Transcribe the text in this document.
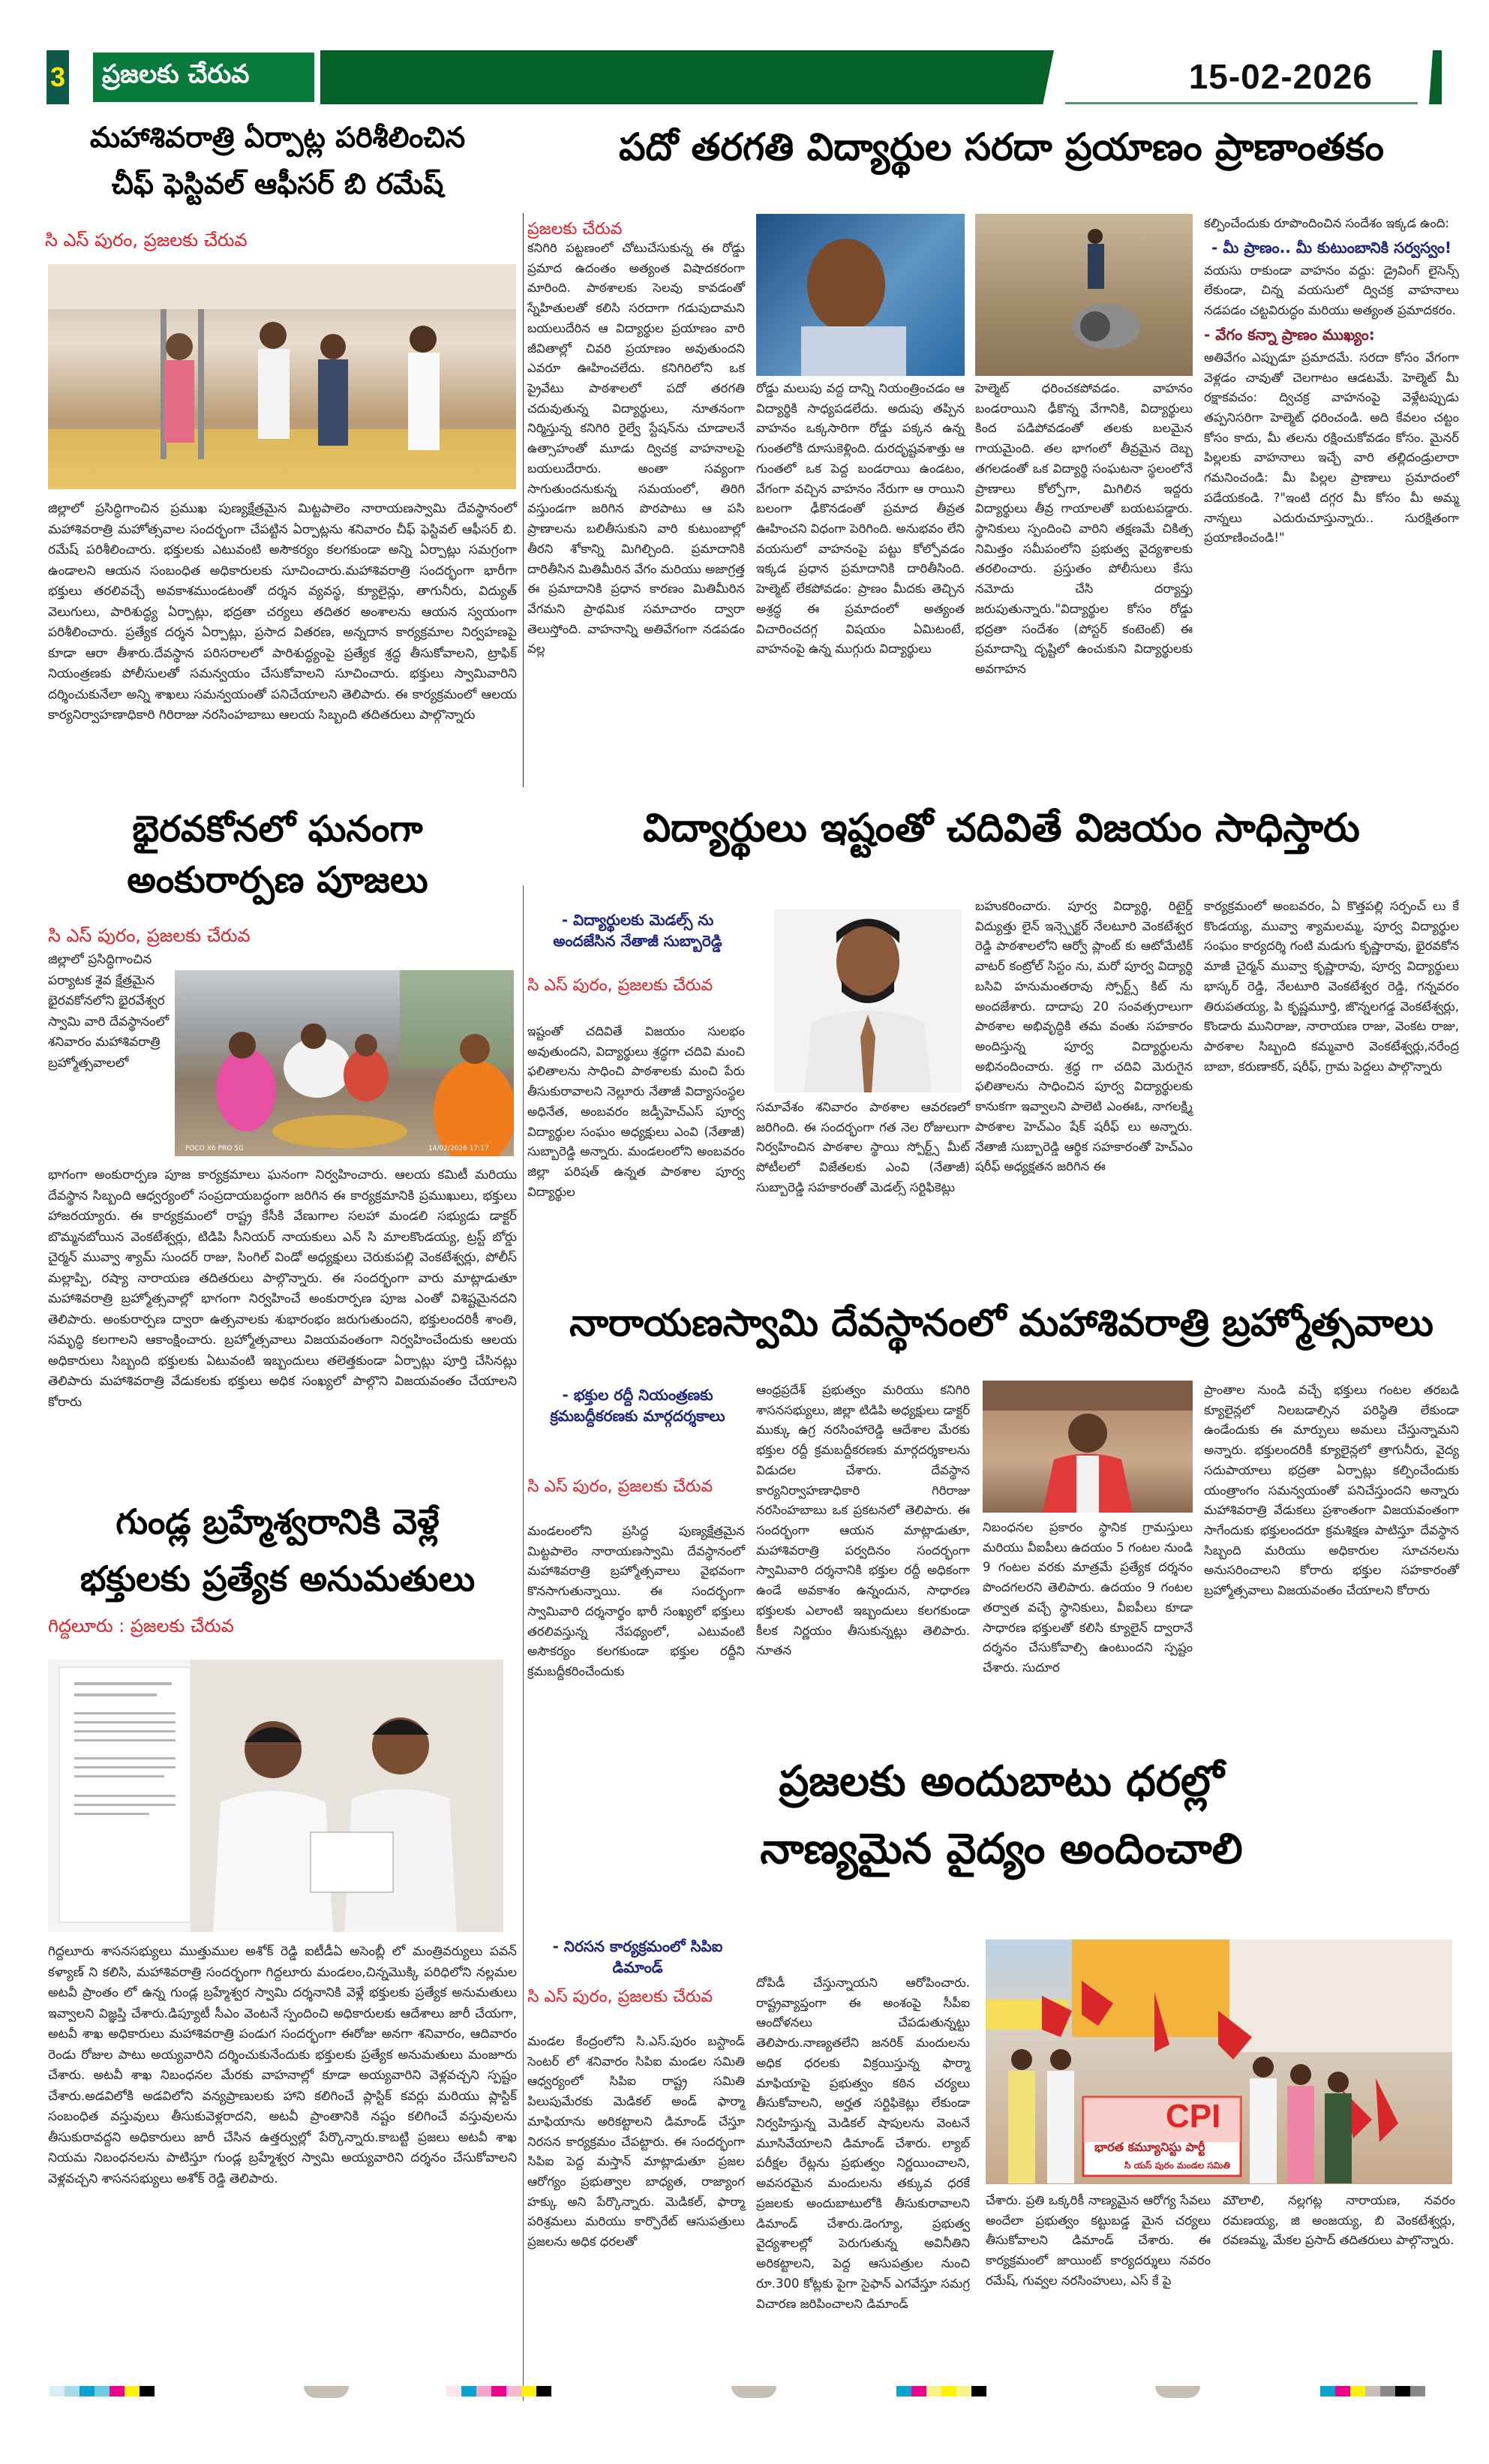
3	ప్రజలకు చేరువ	15-02-2026
మహాశివరాత్రి ఏర్పాట్ల పరిశీలించిన
చీఫ్ ఫెస్టివల్ ఆఫీసర్ బి రమేష్
సి ఎస్ పురం, ప్రజలకు చేరువ
జిల్లాలో ప్రసిద్ధిగాంచిన ప్రముఖ పుణ్యక్షేత్రమైన మిట్టపాలెం నారాయణస్వామి దేవస్థానంలో మహాశివరాత్రి మహోత్సవాల సందర్భంగా చేపట్టిన ఏర్పాట్లను శనివారం చీఫ్ ఫెస్టివల్ ఆఫీసర్ బి. రమేష్ పరిశీలించారు. భక్తులకు ఎటువంటి అసౌకర్యం కలగకుండా అన్ని ఏర్పాట్లు సమగ్రంగా ఉండాలని ఆయన సంబంధిత అధికారులకు సూచించారు.మహాశివరాత్రి సందర్భంగా భారీగా భక్తులు తరలివచ్చే అవకాశముండటంతో దర్శన వ్యవస్థ, క్యూలైన్లు, తాగునీరు, విద్యుత్ వెలుగులు, పారిశుద్ధ్య ఏర్పాట్లు, భద్రతా చర్యలు తదితర అంశాలను ఆయన స్వయంగా పరిశీలించారు. ప్రత్యేక దర్శన ఏర్పాట్లు, ప్రసాద వితరణ, అన్నదాన కార్యక్రమాల నిర్వహణపై కూడా ఆరా తీశారు.దేవస్థాన పరిసరాలలో పారిశుద్ధ్యంపై ప్రత్యేక శ్రద్ధ తీసుకోవాలని, ట్రాఫిక్ నియంత్రణకు పోలీసులతో సమన్వయం చేసుకోవాలని సూచించారు. భక్తులు స్వామివారిని దర్శించుకునేలా అన్ని శాఖలు సమన్వయంతో పనిచేయాలని తెలిపారు. ఈ కార్యక్రమంలో ఆలయ కార్యనిర్వాహణాధికారి గిరిరాజు నరసింహబాబు ఆలయ సిబ్బంది తదితరులు పాల్గొన్నారు
పదో తరగతి విద్యార్థుల సరదా ప్రయాణం ప్రాణాంతకం
ప్రజలకు చేరువ
కనిగిరి పట్టణంలో చోటుచేసుకున్న ఈ రోడ్డు ప్రమాద ఉదంతం అత్యంత విషాదకరంగా మారింది. పాఠశాలకు సెలవు కావడంతో స్నేహితులతో కలిసి సరదాగా గడుపుదామని బయలుదేరిన ఆ విద్యార్థుల ప్రయాణం వారి జీవితాల్లో చివరి ప్రయాణం అవుతుందని ఎవరూ ఊహించలేదు. కనిగిరిలోని ఒక ప్రైవేటు పాఠశాలలో పదో తరగతి చదువుతున్న విద్యార్థులు, నూతనంగా నిర్మిస్తున్న కనిగిరి రైల్వే స్టేషన్‌ను చూడాలనే ఉత్సాహంతో మూడు ద్విచక్ర వాహనాలపై బయలుదేరారు. అంతా సవ్యంగా సాగుతుందనుకున్న సమయంలో, తిరిగి వస్తుండగా జరిగిన పొరపాటు ఆ పసి ప్రాణాలను బలితీసుకుని వారి కుటుంబాల్లో తీరని శోకాన్ని మిగిల్చింది. ప్రమాదానికి దారితీసిన మితిమీరిన వేగం మరియు అజాగ్రత్త ఈ ప్రమాదానికి ప్రధాన కారణం మితిమీరిన వేగమని ప్రాథమిక సమాచారం ద్వారా తెలుస్తోంది. వాహనాన్ని అతివేగంగా నడపడం వల్ల
రోడ్డు మలుపు వద్ద దాన్ని నియంత్రించడం ఆ విద్యార్థికి సాధ్యపడలేదు. అదుపు తప్పిన వాహనం ఒక్కసారిగా రోడ్డు పక్కన ఉన్న గుంతలోకి దూసుకెళ్లింది. దురదృష్టవశాత్తు ఆ గుంతలో ఒక పెద్ద బండరాయి ఉండటం, వేగంగా వచ్చిన వాహనం నేరుగా ఆ రాయిని బలంగా ఢీకొనడంతో ప్రమాద తీవ్రత ఊహించని విధంగా పెరిగింది. అనుభవం లేని వయసులో వాహనంపై పట్టు కోల్పోవడం ఇక్కడ ప్రధాన ప్రమాదానికి దారితీసింది. హెల్మెట్ లేకపోవడం: ప్రాణం మీదకు తెచ్చిన అశ్రద్ధ ఈ ప్రమాదంలో అత్యంత విచారించదగ్గ విషయం ఏమిటంటే, వాహనంపై ఉన్న ముగ్గురు విద్యార్థులు
హెల్మెట్ ధరించకపోవడం. వాహనం బండరాయిని ఢీకొన్న వేగానికి, విద్యార్థులు కింద పడిపోవడంతో తలకు బలమైన గాయమైంది. తల భాగంలో తీవ్రమైన దెబ్బ తగలడంతో ఒక విద్యార్థి సంఘటనా స్థలంలోనే ప్రాణాలు కోల్పోగా, మిగిలిన ఇద్దరు విద్యార్థులు తీవ్ర గాయాలతో బయటపడ్డారు. స్థానికులు స్పందించి వారిని తక్షణమే చికిత్స నిమిత్తం సమీపంలోని ప్రభుత్వ వైద్యశాలకు తరలించారు. ప్రస్తుతం పోలీసులు కేసు నమోదు చేసి దర్యాప్తు జరుపుతున్నారు."విద్యార్థుల కోసం రోడ్డు భద్రతా సందేశం (పోస్టర్ కంటెంట్) ఈ ప్రమాదాన్ని దృష్టిలో ఉంచుకుని విద్యార్థులకు అవగాహన
కల్పించేందుకు రూపొందించిన సందేశం ఇక్కడ ఉంది:
- మీ ప్రాణం.. మీ కుటుంబానికి సర్వస్వం!
వయసు రాకుండా వాహనం వద్దు: డ్రైవింగ్ లైసెన్స్ లేకుండా, చిన్న వయసులో ద్విచక్ర వాహనాలు నడపడం చట్టవిరుద్ధం మరియు అత్యంత ప్రమాదకరం.
- వేగం కన్నా ప్రాణం ముఖ్యం:
అతివేగం ఎప్పుడూ ప్రమాదమే. సరదా కోసం వేగంగా వెళ్లడం చావుతో చెలగాటం ఆడటమే. హెల్మెట్ మీ రక్షాకవచం: ద్విచక్ర వాహనంపై వెళ్లేటప్పుడు తప్పనిసరిగా హెల్మెట్ ధరించండి. అది కేవలం చట్టం కోసం కాదు, మీ తలను రక్షించుకోవడం కోసం. మైనర్ పిల్లలకు వాహనాలు ఇచ్చే వారి తల్లిదండ్రులారా గమనించండి: మీ పిల్లల ప్రాణాలు ప్రమాదంలో పడేయకండి. ?"ఇంటి దగ్గర మీ కోసం మీ అమ్మ నాన్నలు ఎదురుచూస్తున్నారు.. సురక్షితంగా ప్రయాణించండి!"
భైరవకోనలో ఘనంగా
అంకురార్పణ పూజలు
సి ఎస్ పురం, ప్రజలకు చేరువ
జిల్లాలో ప్రసిద్ధిగాంచిన పర్యాటక శైవ క్షేత్రమైన భైరవకోనలోని భైరవేశ్వర స్వామి వారి దేవస్థానంలో శనివారం మహాశివరాత్రి బ్రహ్మోత్సవాలలో
POCO X6 PRO 5G	14/02/2026 17:17
భాగంగా అంకురార్పణ పూజ కార్యక్రమాలు ఘనంగా నిర్వహించారు. ఆలయ కమిటీ మరియు దేవస్థాన సిబ్బంది ఆధ్వర్యంలో సంప్రదాయబద్ధంగా జరిగిన ఈ కార్యక్రమానికి ప్రముఖులు, భక్తులు హాజరయ్యారు. ఈ కార్యక్రమంలో రాష్ట్ర కేసీకి వేణుగాల సలహా మండలి సభ్యుడు డాక్టర్ బొమ్మనబోయిన వెంకటేశ్వర్లు, టిడిపి సీనియర్ నాయకులు ఎన్ సి మాలకొండయ్య, ట్రస్ట్ బోర్డు చైర్మన్ మువ్వా శ్యామ్ సుందర్ రాజు, సింగిల్ విండో అధ్యక్షులు చెరుకుపల్లి వెంకటేశ్వర్లు, పోలీస్ మల్లాప్పి, రష్యా నారాయణ తదితరులు పాల్గొన్నారు. ఈ సందర్భంగా వారు మాట్లాడుతూ మహాశివరాత్రి బ్రహ్మోత్సవాల్లో భాగంగా నిర్వహించే అంకురార్పణ పూజ ఎంతో విశిష్టమైనదని తెలిపారు. అంకురార్పణ ద్వారా ఉత్సవాలకు శుభారంభం జరుగుతుందని, భక్తులందరికీ శాంతి, సమృద్ధి కలగాలని ఆకాంక్షించారు. బ్రహ్మోత్సవాలు విజయవంతంగా నిర్వహించేందుకు ఆలయ అధికారులు సిబ్బంది భక్తులకు ఏటువంటి ఇబ్బందులు తలెత్తకుండా ఏర్పాట్లు పూర్తి చేసినట్లు తెలిపారు మహాశివరాత్రి వేడుకలకు భక్తులు అధిక సంఖ్యలో పాల్గొని విజయవంతం చేయాలని కోరారు
విద్యార్థులు ఇష్టంతో చదివితే విజయం సాధిస్తారు
- విద్యార్థులకు మెడల్స్ ను అందజేసిన నేతాజీ సుబ్బారెడ్డి
సి ఎస్ పురం, ప్రజలకు చేరువ
ఇష్టంతో చదివితే విజయం సులభం అవుతుందని, విద్యార్థులు శ్రద్ధగా చదివి మంచి ఫలితాలను సాధించి పాఠశాలకు మంచి పేరు తీసుకురావాలని నెల్లూరు నేతాజీ విద్యాసంస్థల అధినేత, అంబవరం జడ్పీహెచ్ఎస్ పూర్వ విద్యార్థుల సంఘం అధ్యక్షులు ఎంవి (నేతాజీ) సుబ్బారెడ్డి అన్నారు. మండలంలోని అంబవరం జిల్లా పరిషత్ ఉన్నత పాఠశాల పూర్వ విద్యార్థుల
సమావేశం శనివారం పాఠశాల ఆవరణలో జరిగింది. ఈ సందర్భంగా గత నెల రోజులుగా నిర్వహించిన పాఠశాల స్థాయి స్పోర్ట్స్ మీట్ పోటీలలో విజేతలకు ఎంవి (నేతాజీ) సుబ్బారెడ్డి సహకారంతో మెడల్స్ సర్టిఫికెట్లు
బహుకరించారు. పూర్వ విద్యార్థి, రిటైర్డ్ విద్యుత్తు లైన్ ఇన్స్పెక్టర్ నేలటూరి వెంకటేశ్వర రెడ్డి పాఠశాలలోని ఆర్వో ప్లాంట్ కు ఆటోమేటిక్ వాటర్ కంట్రోల్ సిస్టం ను, మరో పూర్వ విద్యార్థి బసివి హనుమంతరావు స్పోర్ట్స్ కిట్ ను అందజేశారు. దాదాపు 20 సంవత్సరాలుగా పాఠశాల అభివృద్ధికి తమ వంతు సహకారం అందిస్తున్న పూర్వ విద్యార్థులను అభినందించారు. శ్రద్ధ గా చదివి మెరుగైన ఫలితాలను సాధించిన పూర్వ విద్యార్థులకు కానుకగా ఇవ్వాలని పాలెటి ఎంఈఓ, నాగలక్ష్మి పాఠశాల హెచ్ఎం షేక్ షరీఫ్ లు అన్నారు. నేతాజీ సుబ్బారెడ్డి ఆర్థిక సహకారంతో హెచ్ఎం షరీఫ్ అధ్యక్షతన జరిగిన ఈ
కార్యక్రమంలో అంబవరం, ఏ కొత్తపల్లి సర్పంచ్ లు కే కొండయ్య, మువ్వా శ్యామలమ్మ, పూర్వ విద్యార్థుల సంఘం కార్యదర్శి గంటి మడుగు కృష్ణారావు, భైరవకోన మాజీ చైర్మన్ మువ్వా కృష్ణారావు, పూర్వ విద్యార్థులు భాస్కర్ రెడ్డి, నేలటూరి వెంకటేశ్వర రెడ్డి, గన్నవరం తిరుపతయ్య, పి కృష్ణమూర్తి, జొన్నలగడ్డ వెంకటేశ్వర్లు, కొండారు మునిరాజు, నారాయణ రాజు, వెంకట రాజు, పాఠశాల సిబ్బంది కమ్మవారి వెంకటేశ్వర్లు,నరేంద్ర బాబా, కరుణాకర్, షరీఫ్, గ్రామ పెద్దలు పాల్గొన్నారు
నారాయణస్వామి దేవస్థానంలో మహాశివరాత్రి బ్రహ్మోత్సవాలు
- భక్తుల రద్దీ నియంత్రణకు క్రమబద్దీకరణకు మార్గదర్శకాలు
సి ఎస్ పురం, ప్రజలకు చేరువ
మండలంలోని ప్రసిద్ధ పుణ్యక్షేత్రమైన మిట్టపాలెం నారాయణస్వామి దేవస్థానంలో మహాశివరాత్రి బ్రహ్మోత్సవాలు వైభవంగా కొనసాగుతున్నాయి. ఈ సందర్భంగా స్వామివారి దర్శనార్థం భారీ సంఖ్యలో భక్తులు తరలివస్తున్న నేపథ్యంలో, ఎటువంటి అసౌకర్యం కలగకుండా భక్తుల రద్దీని క్రమబద్దీకరించేందుకు
ఆంధ్రప్రదేశ్ ప్రభుత్వం మరియు కనిగిరి శాసనసభ్యులు, జిల్లా టిడిపి అధ్యక్షులు డాక్టర్ ముక్కు ఉగ్ర నరసింహారెడ్డి ఆదేశాల మేరకు భక్తుల రద్దీ క్రమబద్దీకరణకు మార్గదర్శకాలను విడుదల చేశారు. దేవస్థాన కార్యనిర్వాహణాధికారి గిరిరాజు నరసింహబాబు ఒక ప్రకటనలో తెలిపారు. ఈ సందర్భంగా ఆయన మాట్లాడుతూ, మహాశివరాత్రి పర్వదినం సందర్భంగా స్వామివారి దర్శనానికి భక్తుల రద్దీ అధికంగా ఉండే అవకాశం ఉన్నందున, సాధారణ భక్తులకు ఎలాంటి ఇబ్బందులు కలగకుండా కీలక నిర్ణయం తీసుకున్నట్లు తెలిపారు. నూతన
నిబంధనల ప్రకారం స్థానిక గ్రామస్తులు మరియు వీఐపీలు ఉదయం 5 గంటల నుండి 9 గంటల వరకు మాత్రమే ప్రత్యేక దర్శనం పొందగలరని తెలిపారు. ఉదయం 9 గంటల తర్వాత వచ్చే స్థానికులు, వీఐపీలు కూడా సాధారణ భక్తులతో కలిసి క్యూలైన్ ద్వారానే దర్శనం చేసుకోవాల్సి ఉంటుందని స్పష్టం చేశారు. సుదూర
ప్రాంతాల నుండి వచ్చే భక్తులు గంటల తరబడి క్యూలైన్లలో నిలబడాల్సిన పరిస్థితి లేకుండా ఉండేందుకు ఈ మార్పులు అమలు చేస్తున్నామని అన్నారు. భక్తులందరికీ క్యూలైన్లలో త్రాగునీరు, వైద్య సదుపాయాలు భద్రతా ఏర్పాట్లు కల్పించేందుకు యంత్రాంగం సమన్వయంతో పనిచేస్తుందని అన్నారు మహాశివరాత్రి వేడుకలు ప్రశాంతంగా విజయవంతంగా సాగేందుకు భక్తులందరూ క్రమశిక్షణ పాటిస్తూ దేవస్థాన సిబ్బంది మరియు అధికారుల సూచనలను అనుసరించాలని కోరారు భక్తుల సహకారంతో బ్రహ్మోత్సవాలు విజయవంతం చేయాలని కోరారు
గుండ్ల బ్రహ్మేశ్వరానికి వెళ్లే
భక్తులకు ప్రత్యేక అనుమతులు
గిద్దలూరు : ప్రజలకు చేరువ
గిద్దలూరు శాసనసభ్యులు ముత్తుముల అశోక్ రెడ్డి ఐటీడీఏ అసెంబ్లీ లో మంత్రివర్యులు పవన్ కళ్యాణ్ ని కలిసి, మహాశివరాత్రి సందర్భంగా గిద్దలూరు మండలం,చిన్నమొక్కి పరిధిలోని నల్లమల అటవీ ప్రాంతం లో ఉన్న గుండ్ల బ్రహ్మేశ్వర స్వామి దర్శనానికి వెళ్లే భక్తులకు ప్రత్యేక అనుమతులు ఇవ్వాలని విజ్ఞప్తి చేశారు.డిప్యూటీ సీఎం వెంటనే స్పందించి అధికారులకు ఆదేశాలు జారీ చేయగా, అటవీ శాఖ అధికారులు మహాశివరాత్రి పండుగ సందర్భంగా ఈరోజు అనగా శనివారం, ఆదివారం రెండు రోజుల పాటు అయ్యవారిని దర్శించుకునేందుకు భక్తులకు ప్రత్యేక అనుమతులు మంజూరు చేశారు. అటవీ శాఖ నిబంధనల మేరకు వాహనాల్లో కూడా అయ్యవారిని వెళ్లవచ్చని స్పష్టం చేశారు.అడవిలోకి అడవిలోని వన్యప్రాణులకు హాని కలిగించే ప్లాస్టిక్ కవర్లు మరియు ప్లాస్టిక్ సంబంధిత వస్తువులు తీసుకువెళ్లరాదని, అటవీ ప్రాంతానికి నష్టం కలిగించే వస్తువులను తీసుకురావద్దని అధికారులు జారీ చేసిన ఉత్తర్వుల్లో పేర్కొన్నారు.కాబట్టి ప్రజలు అటవీ శాఖ నియమ నిబంధనలను పాటిస్తూ గుండ్ల బ్రహ్మేశ్వర స్వామి అయ్యవారిని దర్శనం చేసుకోవాలని వెళ్లవచ్చని శాసనసభ్యులు అశోక్ రెడ్డి తెలిపారు.
ప్రజలకు అందుబాటు ధరల్లో
నాణ్యమైన వైద్యం అందించాలి
- నిరసన కార్యక్రమంలో సిపిఐ డిమాండ్
సి ఎస్ పురం, ప్రజలకు చేరువ
మండల కేంద్రంలోని సి.ఎస్.పురం బస్టాండ్ సెంటర్ లో శనివారం సిపిఐ మండల సమితి ఆధ్వర్యంలో సిపిఐ రాష్ట్ర సమితి పిలుపుమేరకు మెడికల్ అండ్ ఫార్మా మాఫియాను అరికట్టాలని డిమాండ్ చేస్తూ నిరసన కార్యక్రమం చేపట్టారు. ఈ సందర్భంగా సిపిఐ పెద్ద మస్తాన్ మాట్లాడుతూ ప్రజల ఆరోగ్యం ప్రభుత్వాల బాధ్యత, రాజ్యాంగ హక్కు అని పేర్కొన్నారు. మెడికల్, ఫార్మా పరిశ్రమలు మరియు కార్పొరేట్ ఆసుపత్రులు ప్రజలను అధిక ధరలతో
దోపిడీ చేస్తున్నాయని ఆరోపించారు. రాష్ట్రవ్యాప్తంగా ఈ అంశంపై సీపీఐ ఆందోళనలు చేపడుతున్నట్టు తెలిపారు.నాణ్యతలేని జనరిక్ మందులను అధిక ధరలకు విక్రయిస్తున్న ఫార్మా మాఫియాపై ప్రభుత్వం కఠిన చర్యలు తీసుకోవాలని, అర్హత సర్టిఫికెట్లు లేకుండా నిర్వహిస్తున్న మెడికల్ షాపులను వెంటనే మూసివేయాలని డిమాండ్ చేశారు. ల్యాబ్ పరీక్షల రేట్లను ప్రభుత్వం నిర్ణయించాలని, అవసరమైన మందులను తక్కువ ధరకే ప్రజలకు అందుబాటులోకి తీసుకురావాలని డిమాండ్ చేశారు.డెంగ్యూ, ప్రభుత్వ వైద్యశాలల్లో పెరుగుతున్న అవినీతిని అరికట్టాలని, పెద్ద ఆసుపత్రుల నుంచి రూ.300 కోట్లకు పైగా సైఫాన్ ఎగవేస్తూ సమగ్ర విచారణ జరిపించాలని డిమాండ్
CPI
భారత కమ్యూనిస్టు పార్టీ
సి యస్ పురం మండల సమితి
చేశారు. ప్రతి ఒక్కరికీ నాణ్యమైన ఆరోగ్య సేవలు అందేలా ప్రభుత్వం కట్టుబడ్డ మైన చర్యలు తీసుకోవాలని డిమాండ్ చేశారు. ఈ కార్యక్రమంలో జాయింట్ కార్యదర్శులు నవరం రమేష్, గువ్వల నరసింహులు, ఎస్ కే పై
మౌలాలి, నల్లగట్ల నారాయణ, నవరం రమణయ్య, జి అంజయ్య, బి వెంకటేశ్వర్లు, రవణమ్మ, మేకల ప్రసాద్ తదితరులు పాల్గొన్నారు.
